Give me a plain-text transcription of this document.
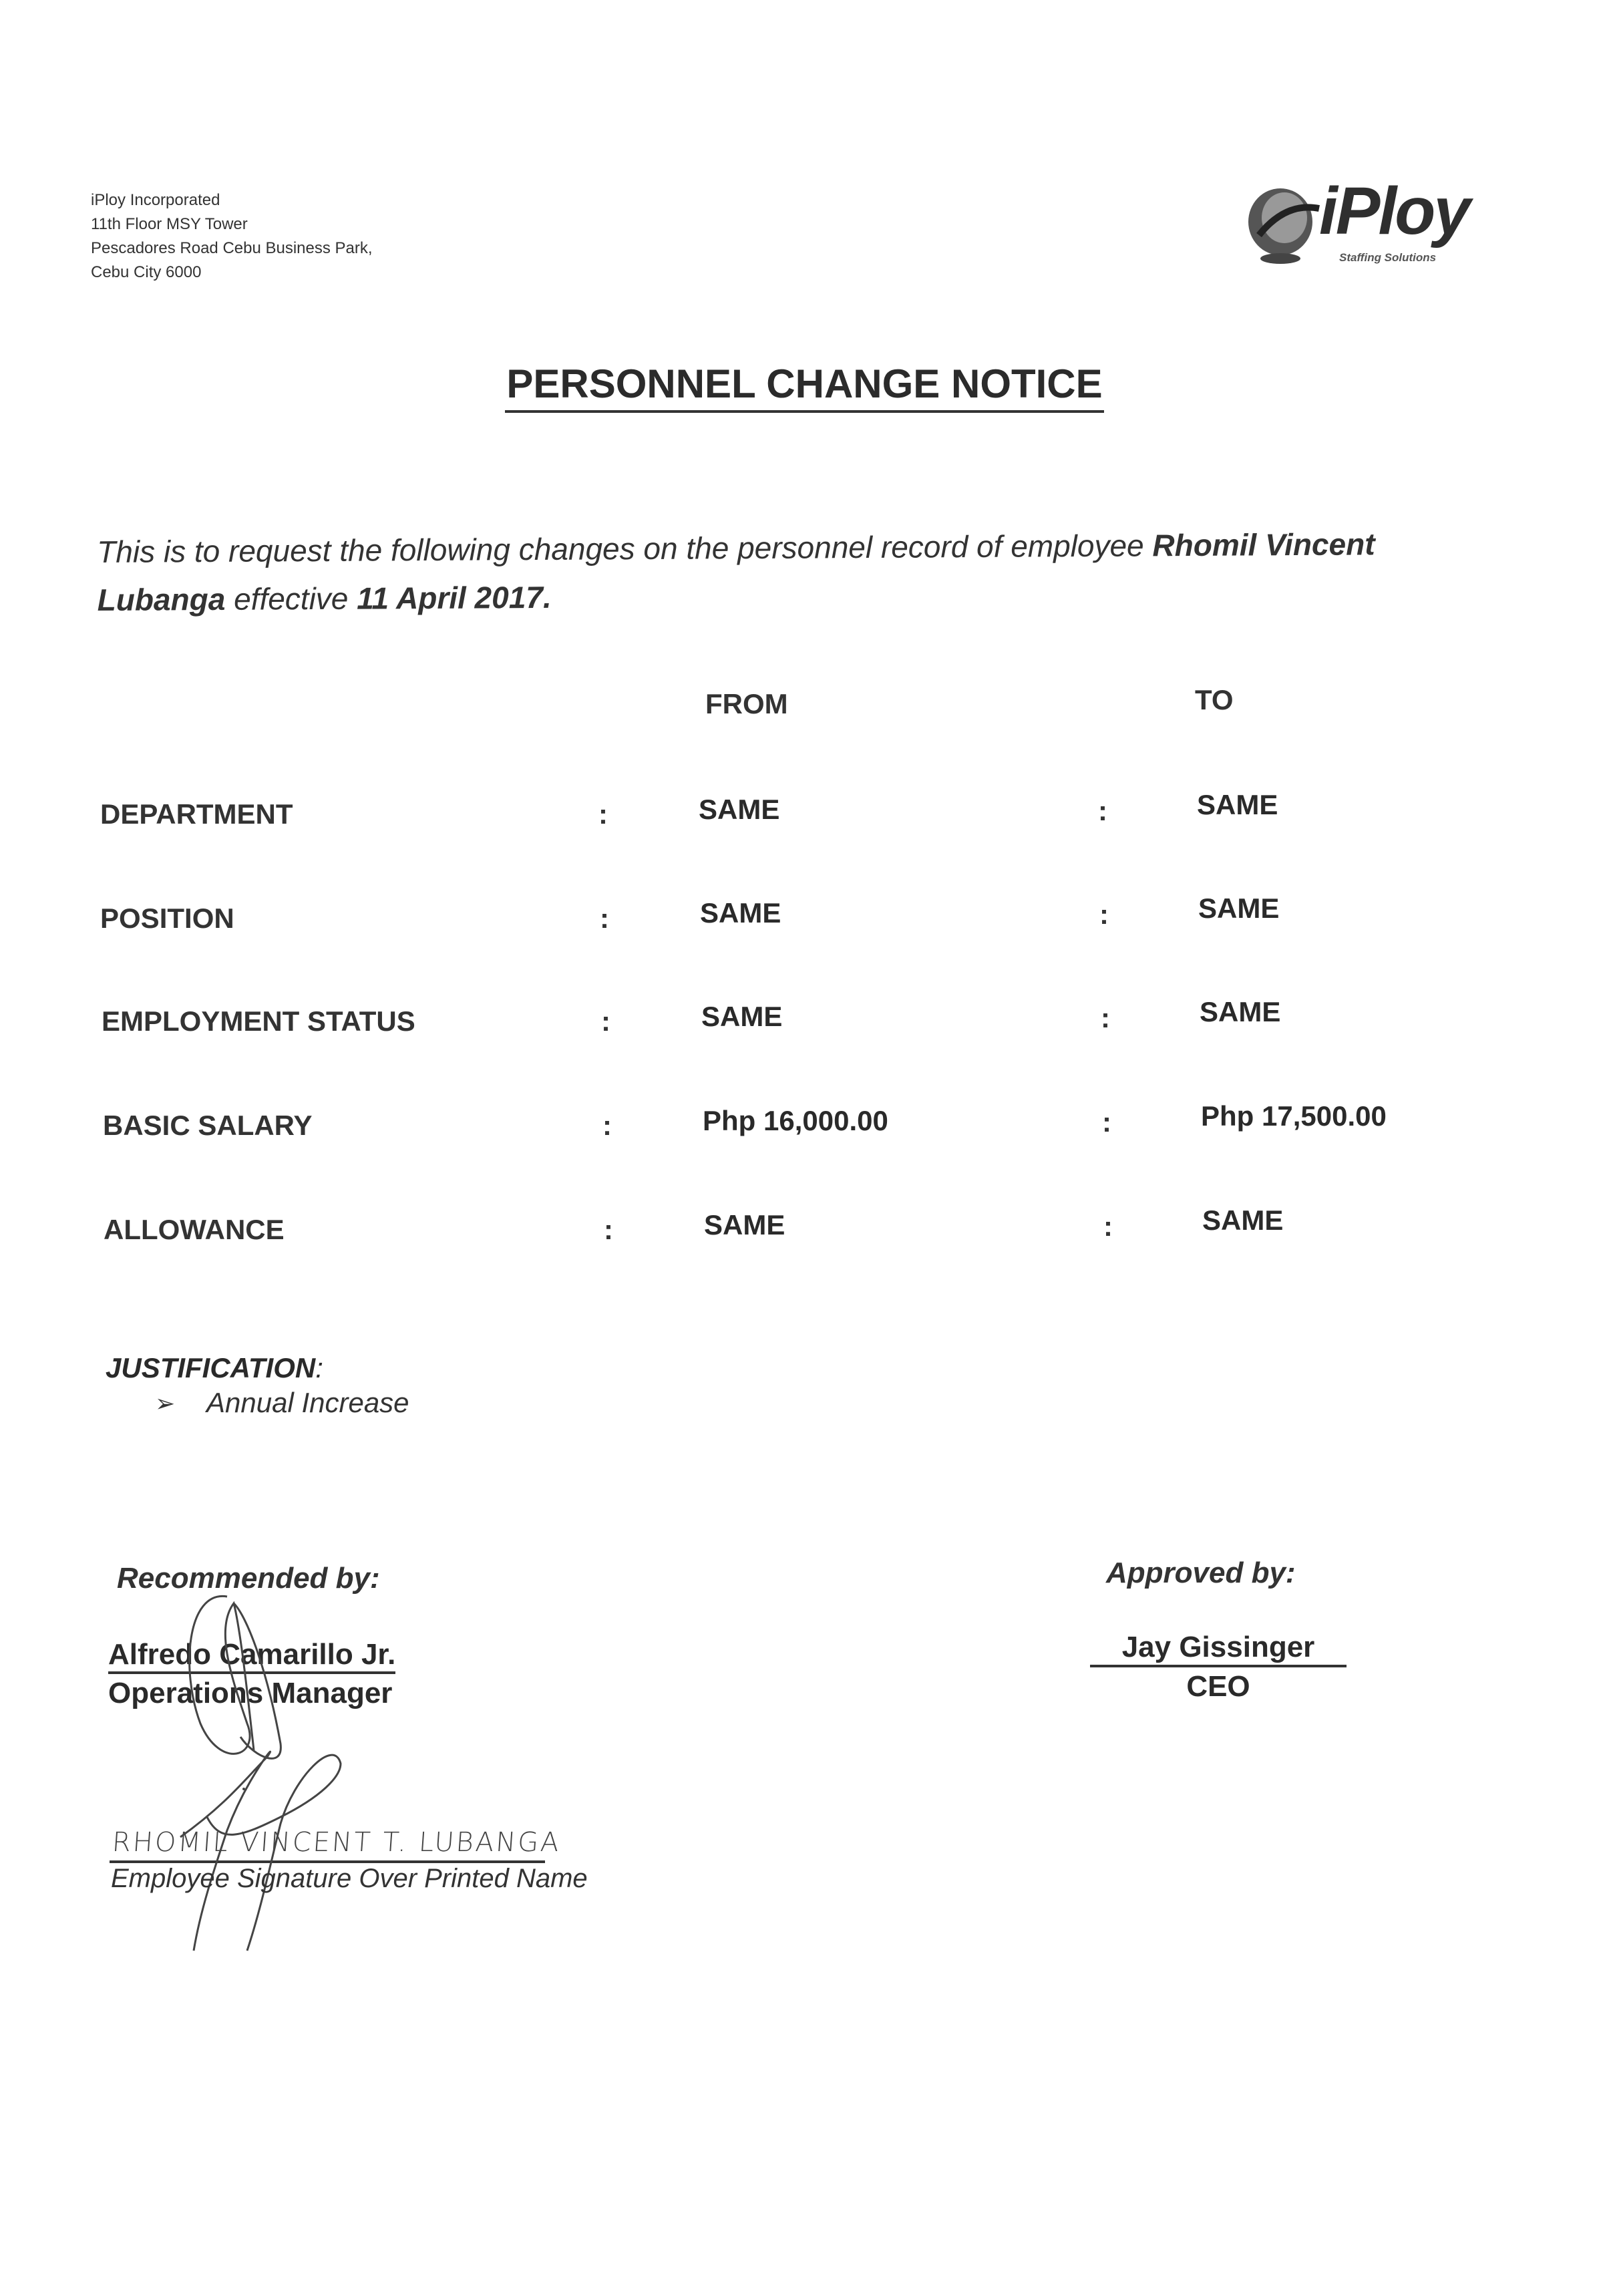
iPloy Incorporated
11th Floor MSY Tower
Pescadores Road Cebu Business Park,
Cebu City 6000
iPloy
Staffing Solutions
PERSONNEL CHANGE NOTICE
This is to request the following changes on the personnel record of employee Rhomil Vincent Lubanga effective 11 April 2017.
FROM	TO
DEPARTMENT	:	SAME	:	SAME
POSITION	:	SAME	:	SAME
EMPLOYMENT STATUS	:	SAME	:	SAME
BASIC SALARY	:	Php 16,000.00	:	Php 17,500.00
ALLOWANCE	:	SAME	:	SAME
JUSTIFICATION:
➢ Annual Increase
Recommended by:
Alfredo Camarillo Jr.
Operations Manager
Approved by:
Jay Gissinger
CEO
RHOMIL VINCENT T. LUBANGA
Employee Signature Over Printed Name
